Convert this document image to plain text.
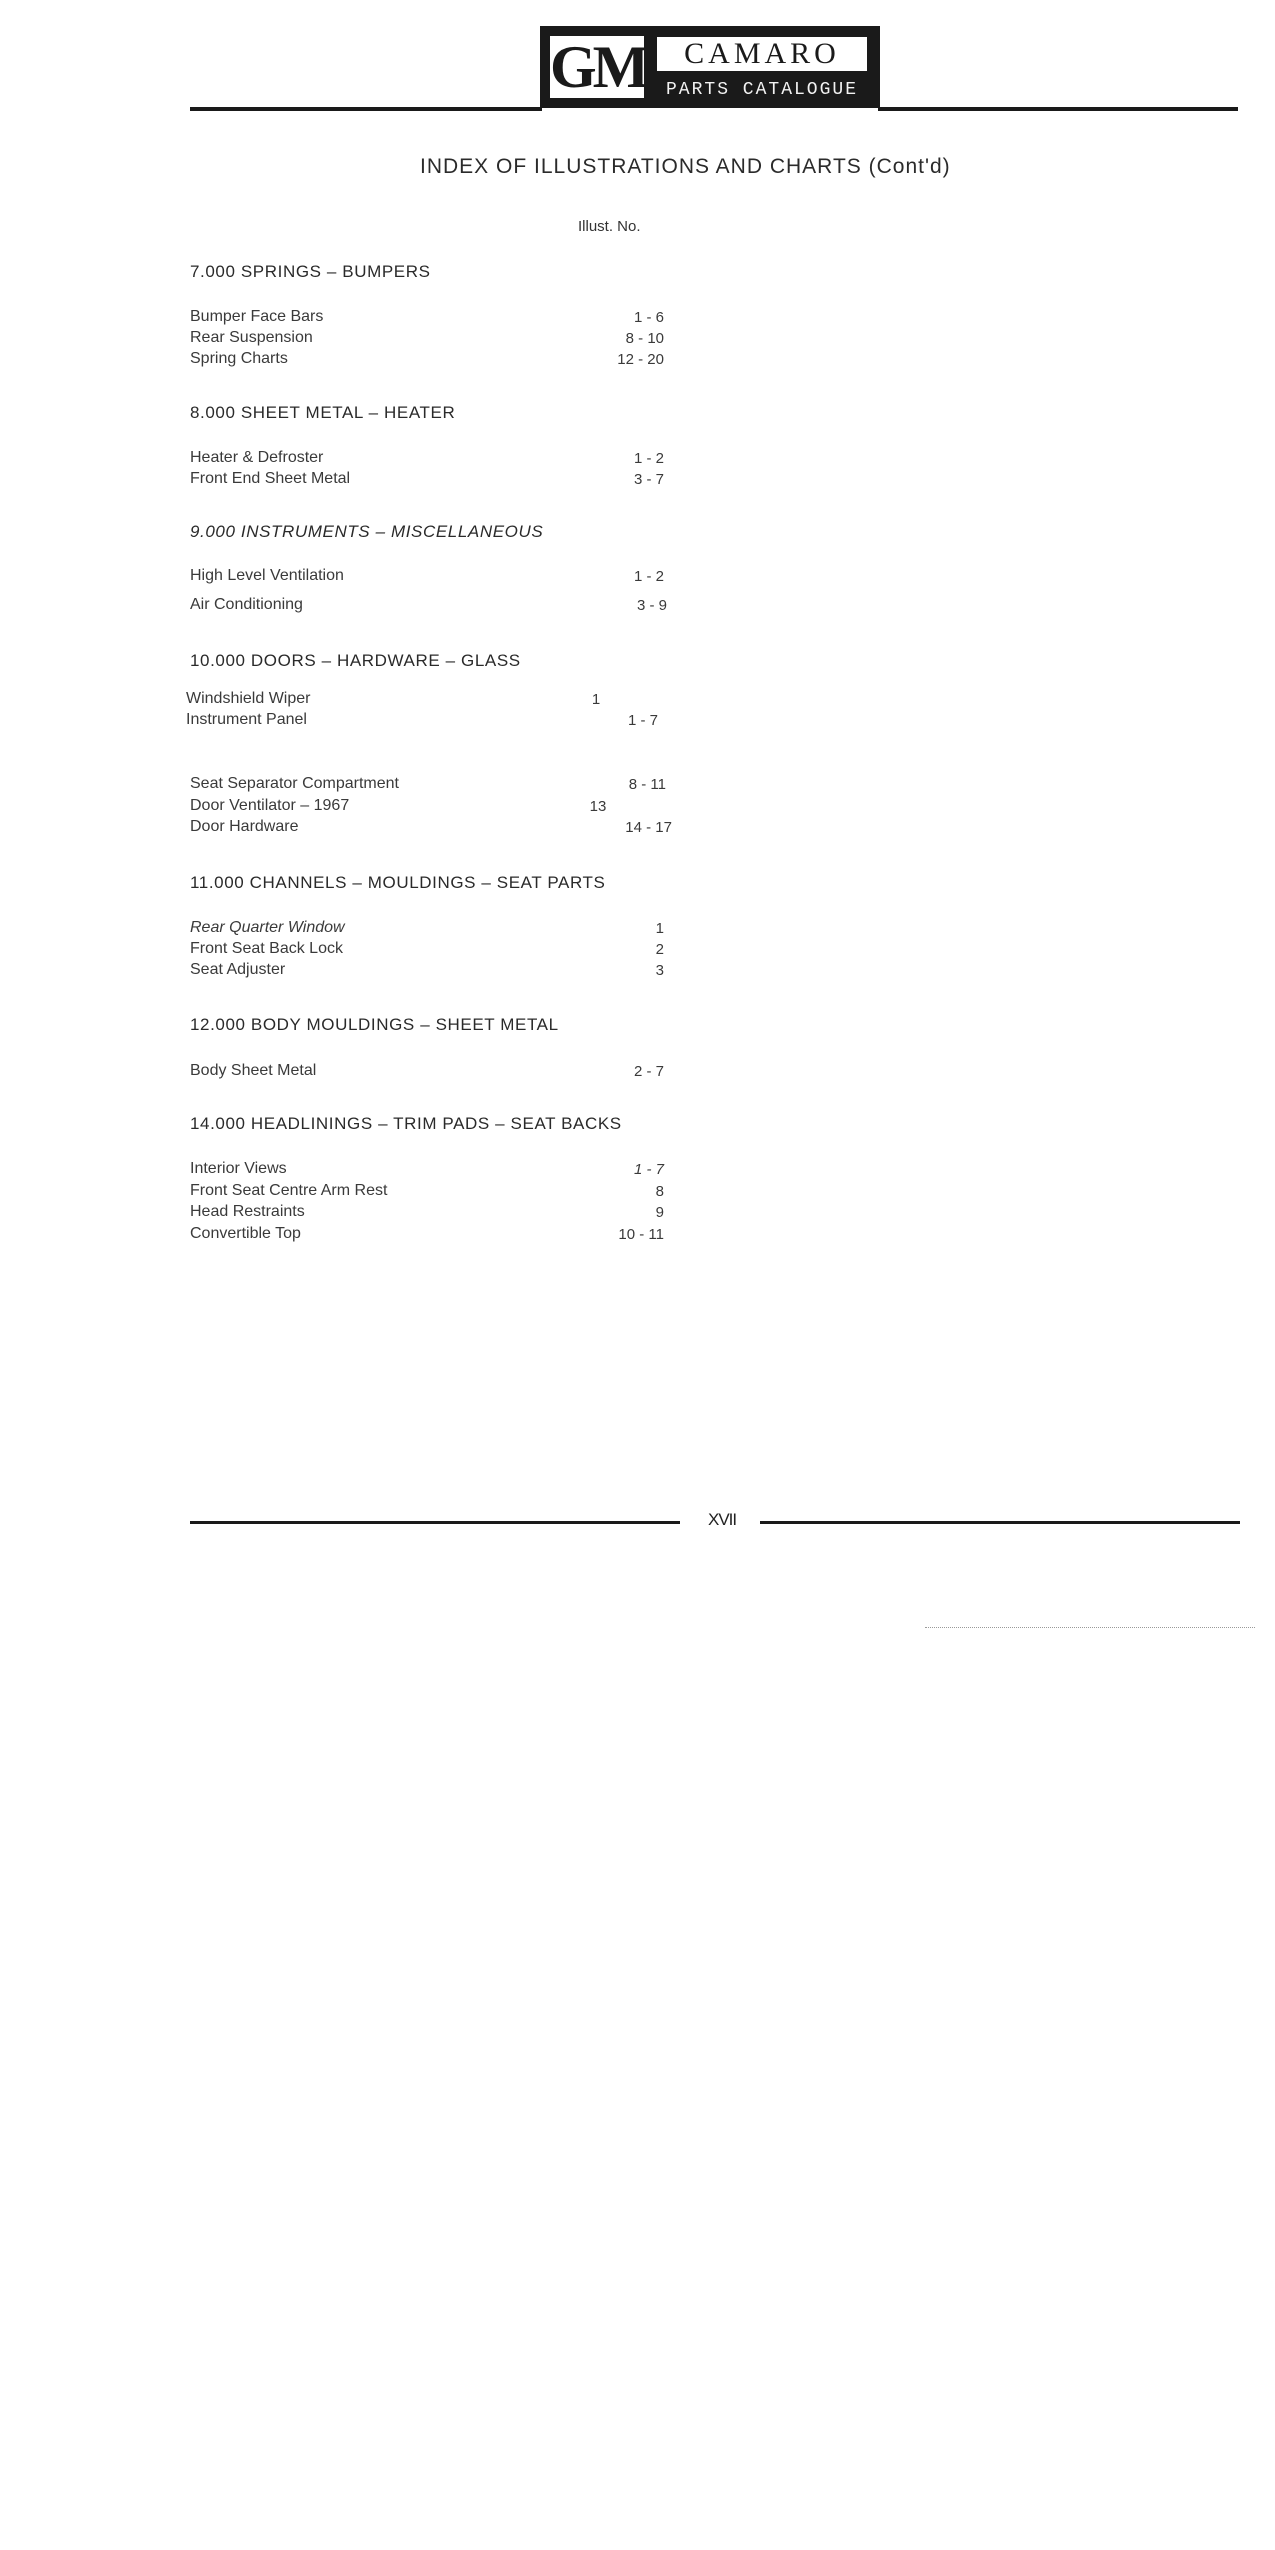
GM	CAMARO
PARTS CATALOGUE
INDEX OF ILLUSTRATIONS AND CHARTS (Cont'd)
Illust. No.
7.000 SPRINGS – BUMPERS
Bumper Face Bars	1 - 6
Rear Suspension	8 - 10
Spring Charts	12 - 20
8.000 SHEET METAL – HEATER
Heater & Defroster	1 - 2
Front End Sheet Metal	3 - 7
9.000 INSTRUMENTS – MISCELLANEOUS
High Level Ventilation	1 - 2
Air Conditioning	3 - 9
10.000 DOORS – HARDWARE – GLASS
Windshield Wiper	1
Instrument Panel	1 - 7
Seat Separator Compartment	8 - 11
Door Ventilator – 1967	13
Door Hardware	14 - 17
11.000 CHANNELS – MOULDINGS – SEAT PARTS
Rear Quarter Window	1
Front Seat Back Lock	2
Seat Adjuster	3
12.000 BODY MOULDINGS – SHEET METAL
Body Sheet Metal	2 - 7
14.000 HEADLININGS – TRIM PADS – SEAT BACKS
Interior Views	1 - 7
Front Seat Centre Arm Rest	8
Head Restraints	9
Convertible Top	10 - 11
XVII
